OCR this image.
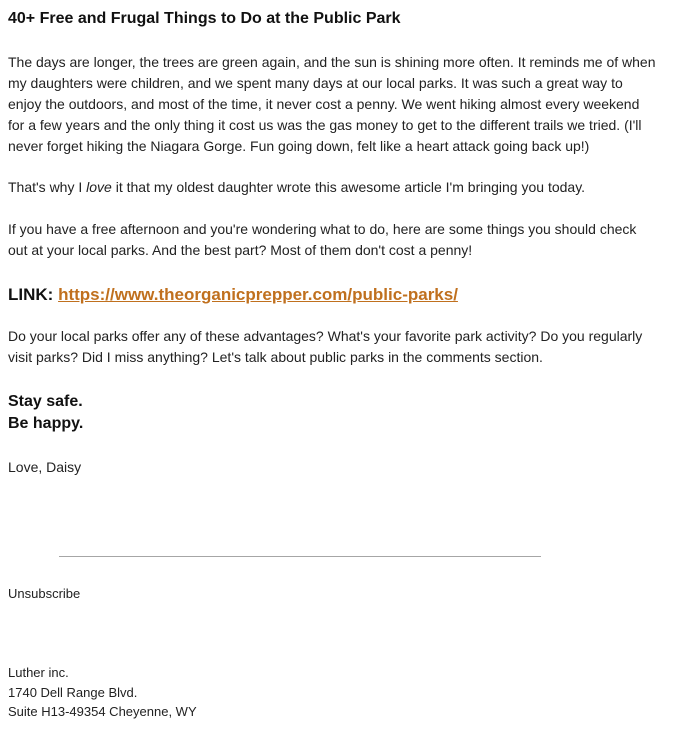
40+ Free and Frugal Things to Do at the Public Park

The days are longer, the trees are green again, and the sun is shining more often. It reminds me of when
my daughters were children, and we spent many days at our local parks. It was such a great way to
enjoy the outdoors, and most of the time, it never cost a penny. We went hiking almost every weekend
for a few years and the only thing it cost us was the gas money to get to the different trails we tried. (I'll
never forget hiking the Niagara Gorge. Fun going down, felt like a heart attack going back up!)

That's why I love it that my oldest daughter wrote this awesome article I'm bringing you today.

If you have a free afternoon and you're wondering what to do, here are some things you should check
out at your local parks. And the best part? Most of them don't cost a penny!

LINK: https://www.theorganicprepper.com/public-parks/

Do your local parks offer any of these advantages? What's your favorite park activity? Do you regularly
visit parks? Did I miss anything? Let's talk about public parks in the comments section.

Stay safe.
Be happy.
Love, Daisy
Unsubscribe
Luther inc.
1740 Dell Range Blvd.
Suite H13-49354 Cheyenne, WY
